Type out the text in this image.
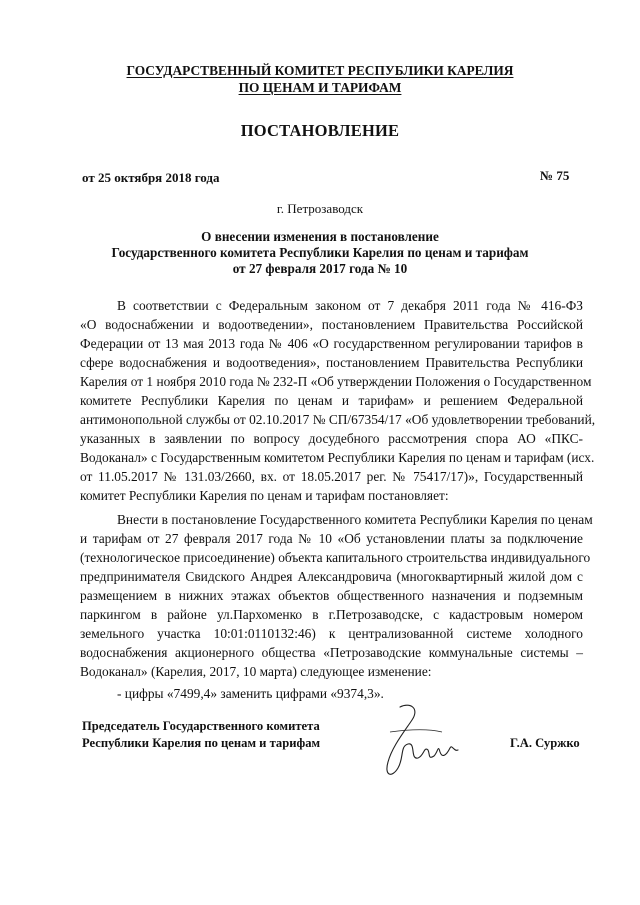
ГОСУДАРСТВЕННЫЙ КОМИТЕТ РЕСПУБЛИКИ КАРЕЛИЯ
ПО ЦЕНАМ И ТАРИФАМ
ПОСТАНОВЛЕНИЕ
от 25 октября 2018 года	№ 75
г. Петрозаводск
О внесении изменения в постановление
Государственного комитета Республики Карелия по ценам и тарифам
от 27 февраля 2017 года № 10
В соответствии с Федеральным законом от 7 декабря 2011 года № 416-ФЗ
«О водоснабжении и водоотведении», постановлением Правительства Российской
Федерации от 13 мая 2013 года № 406 «О государственном регулировании тарифов в
сфере водоснабжения и водоотведения», постановлением Правительства Республики
Карелия от 1 ноября 2010 года № 232-П «Об утверждении Положения о Государственном
комитете Республики Карелия по ценам и тарифам» и решением Федеральной
антимонопольной службы от 02.10.2017 № СП/67354/17 «Об удовлетворении требований,
указанных в заявлении по вопросу досудебного рассмотрения спора АО «ПКС-
Водоканал» с Государственным комитетом Республики Карелия по ценам и тарифам (исх.
от 11.05.2017 № 131.03/2660, вх. от 18.05.2017 рег. № 75417/17)», Государственный
комитет Республики Карелия по ценам и тарифам постановляет:
Внести в постановление Государственного комитета Республики Карелия по ценам
и тарифам от 27 февраля 2017 года № 10 «Об установлении платы за подключение
(технологическое присоединение) объекта капитального строительства индивидуального
предпринимателя Свидского Андрея Александровича (многоквартирный жилой дом с
размещением в нижних этажах объектов общественного назначения и подземным
паркингом в районе ул.Пархоменко в г.Петрозаводске, с кадастровым номером
земельного участка 10:01:0110132:46) к централизованной системе холодного
водоснабжения акционерного общества «Петрозаводские коммунальные системы –
Водоканал» (Карелия, 2017, 10 марта) следующее изменение:
- цифры «7499,4» заменить цифрами «9374,3».
Председатель Государственного комитета
Республики Карелия по ценам и тарифам	Г.А. Суржко
